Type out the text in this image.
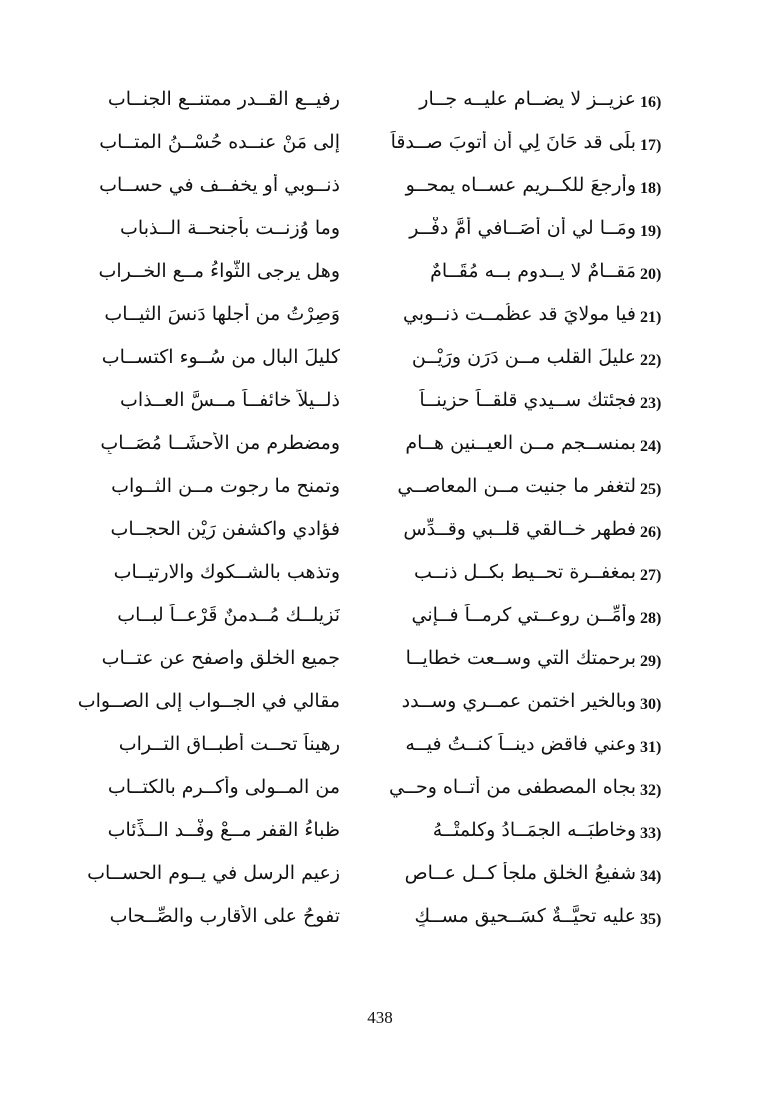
16)
عزيــز لا يضــام عليــه جــار
رفيــعِ القــدر ممتنــع الجنــاب
17)
بلَى قد حَانَ لِي أن أتوبَ صــدقاً
إلى مَنْ عنــده حُسْــنُ المتــاب
18)
وأرجعَ للكــريم عســاه يمحــو
ذنــوبي أو يخفــف في حســاب
19)
ومَــا لي أن أُصَــافي أُمَّ دفْــر
وما وُزنــت بأجنحــة الــذباب
20)
مَقــامٌ لا يــدوم بــه مُقَــامٌ
وهل يرجى الثَّواءُ مــع الخــراب
21)
فيا مولايَ قد عظُمــت ذنــوبي
وَصِرْتُ من أجلها دَنسَ الثيــاب
22)
عليلَ القلب مــن دَرَن ورَيْــن
كليلَ البال من سُــوء اكتســاب
23)
فجئتك ســيدي قلقــاً حزينــاً
ذلــيلاً خائفــاً مــسَّ العــذاب
24)
بمنســجم مــن العيــنين هــامٍ
ومضطرم من الأحشَــا مُصَــابِ
25)
لتغفر ما جنيت مــن المعاصــي
وتمنح ما رجوت مــن الثــواب
26)
فطهر خــالقي قلــبي وقــدِّس
فؤادي واكشفن رَيْن الحجــاب
27)
بمغفــرة تحــيط بكــل ذنــب
وتذهب بالشــكوك والارتيــاب
28)
وأمِّــن روعــتي كرمــاً فــإني
نَزيلــك مُــدمنٌ قَرْعــاً لبــاب
29)
برحمتك التي وســعت خطايــا
جميع الخلق واصفح عن عتــاب
30)
وبالخير اختمن عمــري وســدد
مقالي في الجــواب إلى الصــواب
31)
وعني فاقض دينــاً كنــتُ فيــه
رهيناً تحــت أطبــاق التــراب
32)
بجاه المصطفى من أتــاه وحــي
من المــولى وأُكــرم بالكتــاب
33)
وخاطبَــه الجمَــادُ وكلمتْــهُ
ظباءُ القفر مــعْ وفْــد الــذِّئاب
34)
شفيعُ الخلق ملجأ كــل عــاص
زعيم الرسل في يــوم الحســاب
35)
عليه تحيَّــةٌ كسَــحيق مســكٍ
تفوحُ على الأقارب والصِّــحاب
438
